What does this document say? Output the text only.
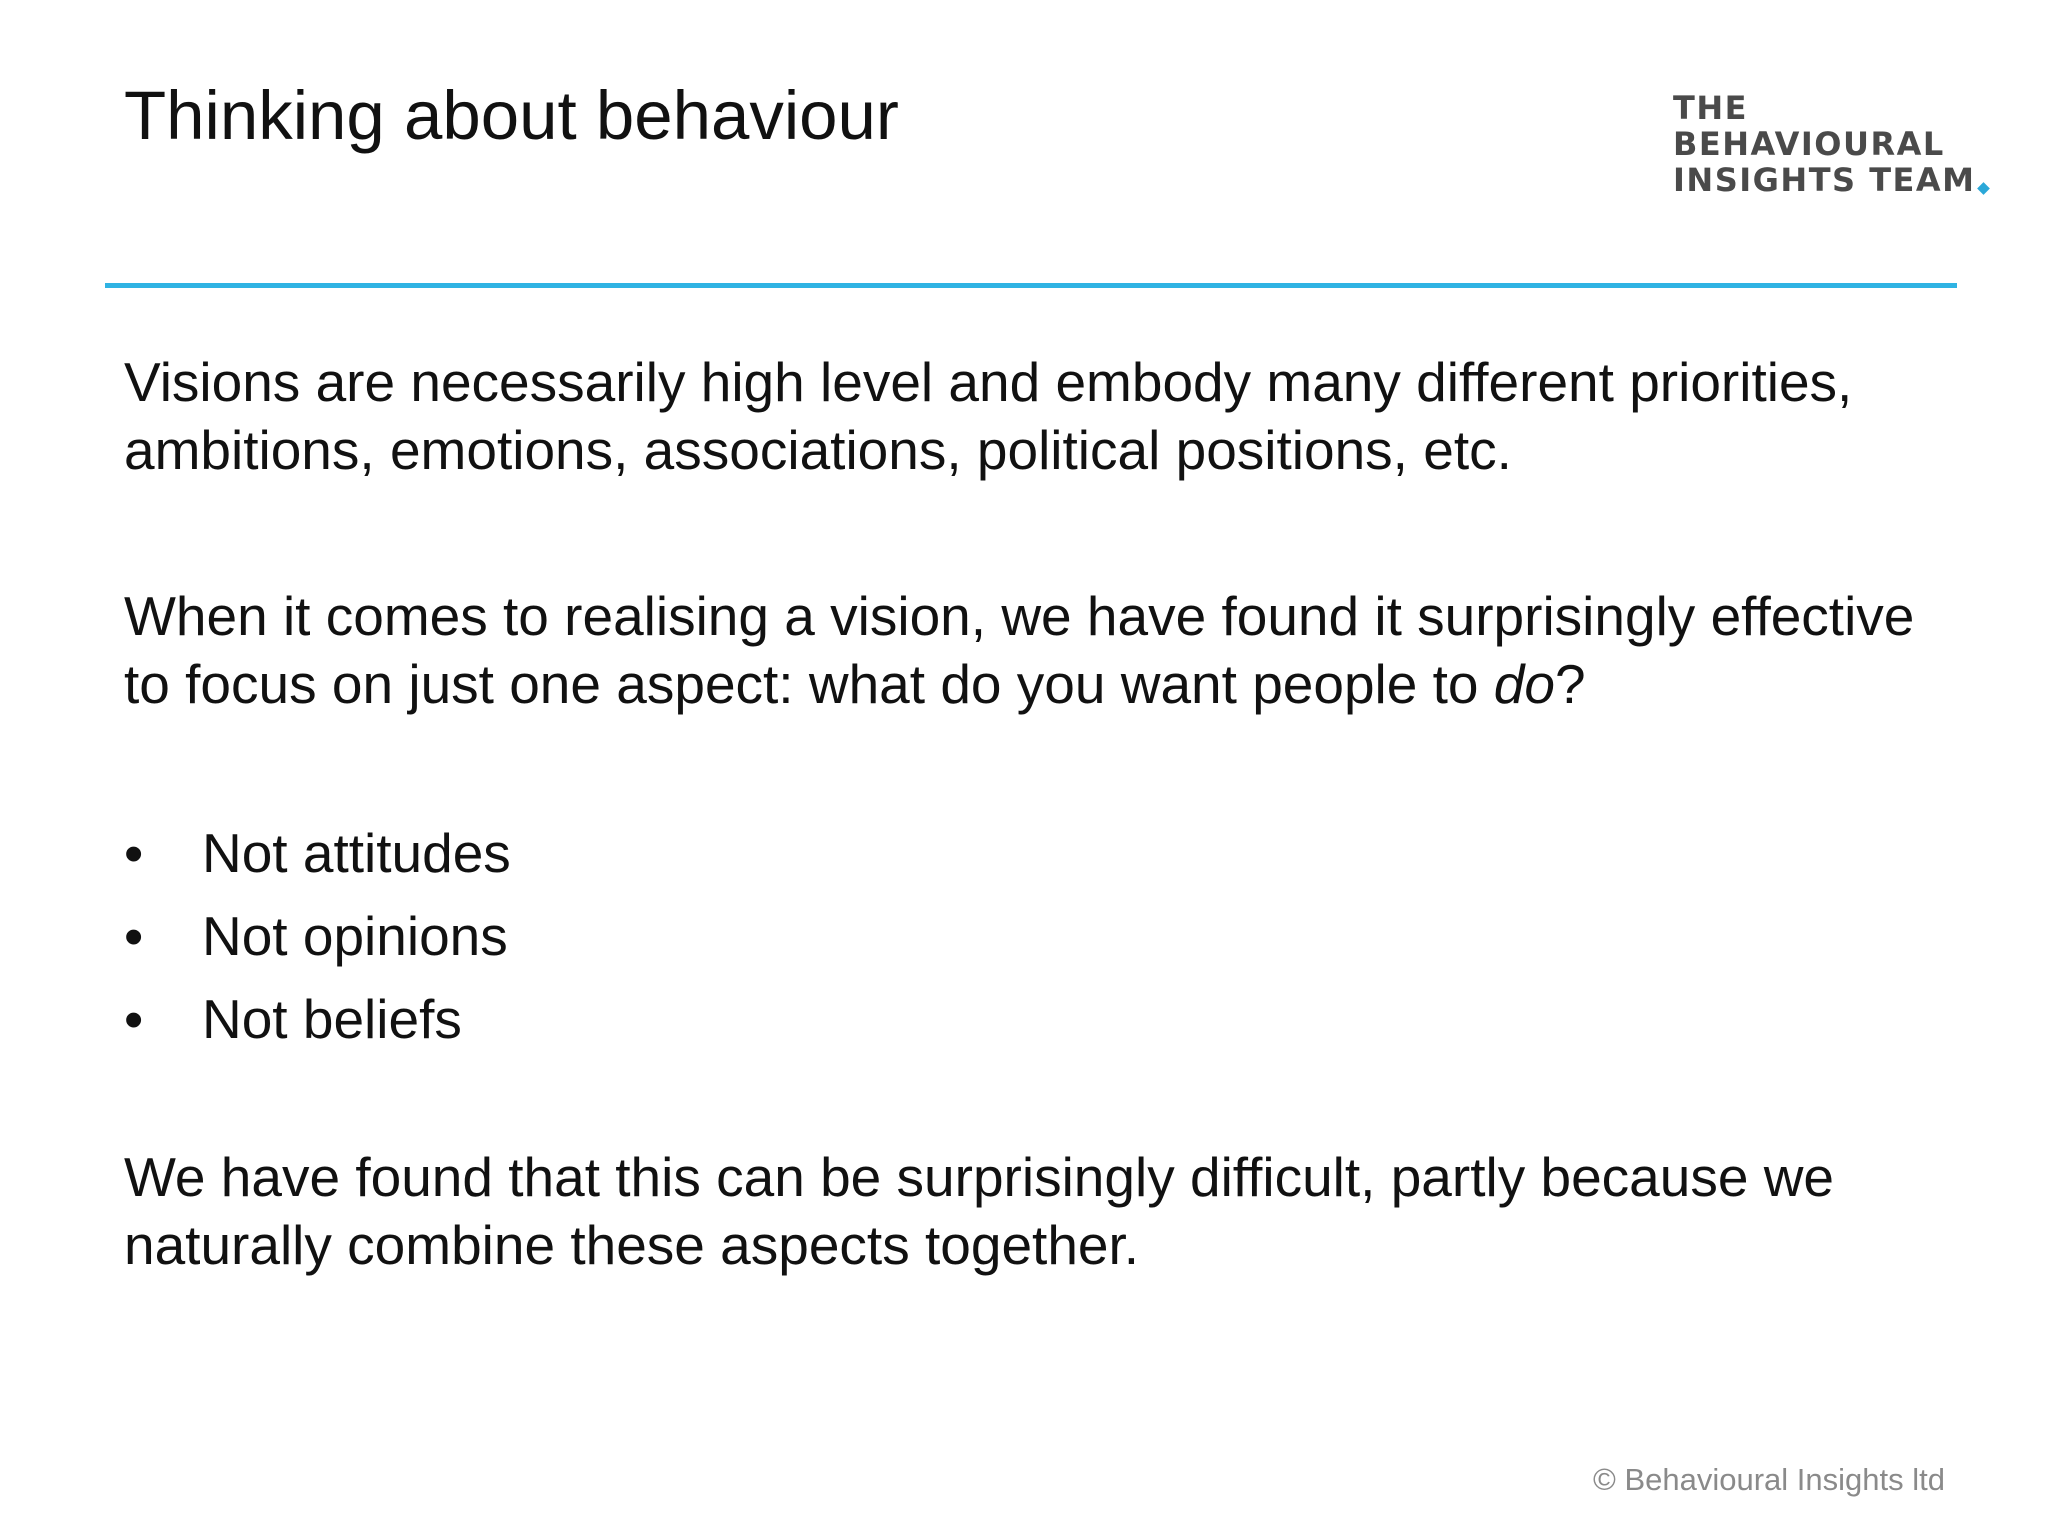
Thinking about behaviour	THE
BEHAVIOURAL
INSIGHTS TEAM
Visions are necessarily high level and embody many different priorities, ambitions, emotions, associations, political positions, etc.
When it comes to realising a vision, we have found it surprisingly effective to focus on just one aspect: what do you want people to do?
• Not attitudes
• Not opinions
• Not beliefs
We have found that this can be surprisingly difficult, partly because we naturally combine these aspects together.
© Behavioural Insights ltd
